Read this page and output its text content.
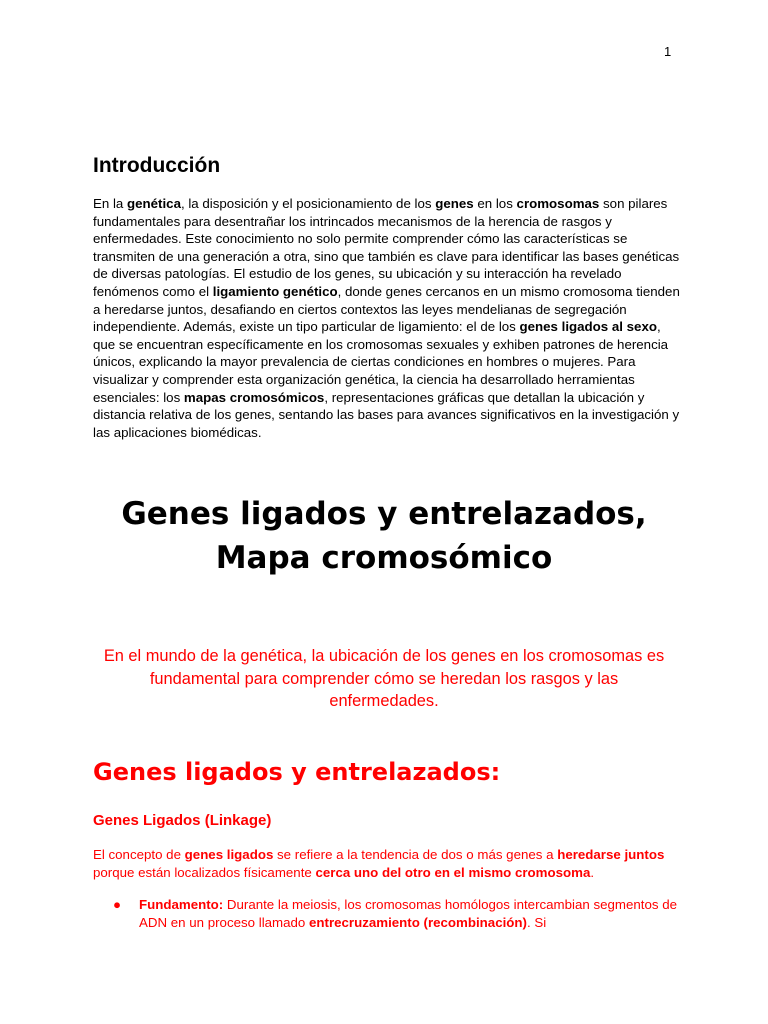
1
Introducción

En la genética, la disposición y el posicionamiento de los genes en los cromosomas son pilares fundamentales para desentrañar los intrincados mecanismos de la herencia de rasgos y enfermedades. Este conocimiento no solo permite comprender cómo las características se transmiten de una generación a otra, sino que también es clave para identificar las bases genéticas de diversas patologías. El estudio de los genes, su ubicación y su interacción ha revelado fenómenos como el ligamiento genético, donde genes cercanos en un mismo cromosoma tienden a heredarse juntos, desafiando en ciertos contextos las leyes mendelianas de segregación independiente. Además, existe un tipo particular de ligamiento: el de los genes ligados al sexo, que se encuentran específicamente en los cromosomas sexuales y exhiben patrones de herencia únicos, explicando la mayor prevalencia de ciertas condiciones en hombres o mujeres. Para visualizar y comprender esta organización genética, la ciencia ha desarrollado herramientas esenciales: los mapas cromosómicos, representaciones gráficas que detallan la ubicación y distancia relativa de los genes, sentando las bases para avances significativos en la investigación y las aplicaciones biomédicas.

Genes ligados y entrelazados,
Mapa cromosómico

En el mundo de la genética, la ubicación de los genes en los cromosomas es fundamental para comprender cómo se heredan los rasgos y las enfermedades.

Genes ligados y entrelazados:
Genes Ligados (Linkage)

El concepto de genes ligados se refiere a la tendencia de dos o más genes a heredarse juntos porque están localizados físicamente cerca uno del otro en el mismo cromosoma.

● Fundamento: Durante la meiosis, los cromosomas homólogos intercambian segmentos de ADN en un proceso llamado entrecruzamiento (recombinación). Si
